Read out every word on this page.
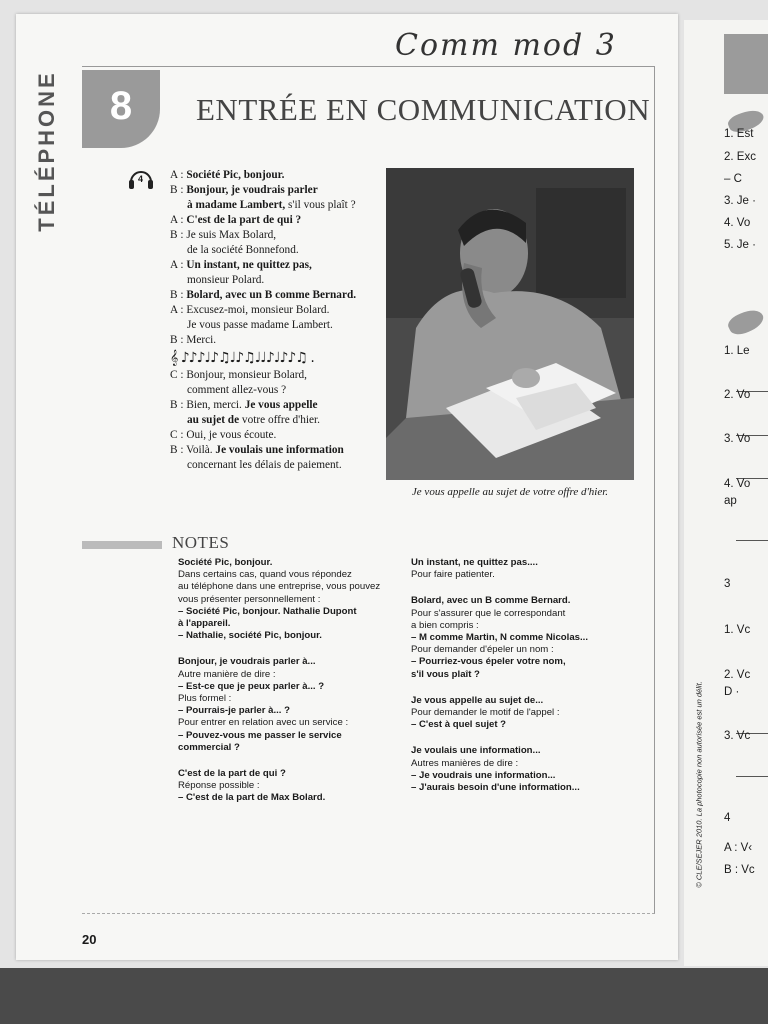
1. Est
2. Exc
– C
3. Je ·
4. Vo
5. Je ·
1. Le
2. Vo
3. Vo
4. Vo
ap
3
1. Vc
2. Vc
D ·
3. Vc
4
A : V‹
B : Vc
Comm mod 3
TÉLÉPHONE	8	ENTRÉE EN COMMUNICATION
4 A : Société Pic, bonjour.
B : Bonjour, je voudrais parler
à madame Lambert, s'il vous plaît ?
A : C'est de la part de qui ?
B : Je suis Max Bolard,
de la société Bonnefond.
A : Un instant, ne quittez pas,
monsieur Polard.
B : Bolard, avec un B comme Bernard.
A : Excusez-moi, monsieur Bolard.
Je vous passe madame Lambert.
B : Merci.
𝄞 ♪♪♪♩♪♫♩♪♫♩♩♪♩♪♪♫ .
C : Bonjour, monsieur Bolard,
comment allez-vous ?
B : Bien, merci. Je vous appelle
au sujet de votre offre d'hier.
C : Oui, je vous écoute.
B : Voilà. Je voulais une information
concernant les délais de paiement.
Je vous appelle au sujet de votre offre d'hier.
NOTES
Société Pic, bonjour.
Dans certains cas, quand vous répondez
au téléphone dans une entreprise, vous pouvez
vous présenter personnellement :
– Société Pic, bonjour. Nathalie Dupont
à l'appareil.
– Nathalie, société Pic, bonjour.
Bonjour, je voudrais parler à...
Autre manière de dire :
– Est-ce que je peux parler à... ?
Plus formel :
– Pourrais-je parler à... ?
Pour entrer en relation avec un service :
– Pouvez-vous me passer le service
commercial ?
C'est de la part de qui ?
Réponse possible :
– C'est de la part de Max Bolard.
Un instant, ne quittez pas....
Pour faire patienter.
Bolard, avec un B comme Bernard.
Pour s'assurer que le correspondant
a bien compris :
– M comme Martin, N comme Nicolas...
Pour demander d'épeler un nom :
– Pourriez-vous épeler votre nom,
s'il vous plaît ?
Je vous appelle au sujet de...
Pour demander le motif de l'appel :
– C'est à quel sujet ?
Je voulais une information...
Autres manières de dire :
– Je voudrais une information...
– J'aurais besoin d'une information...
20
© CLE/SEJER 2010. La photocopie non autorisée est un délit.
